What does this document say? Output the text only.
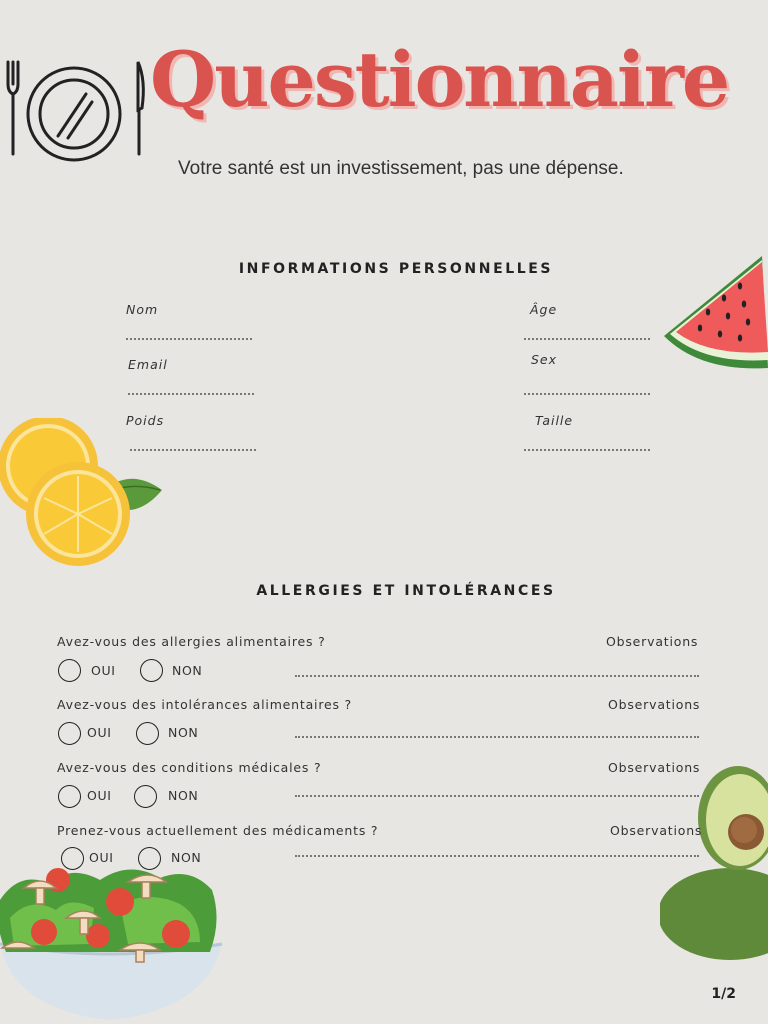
Questionnaire
Votre santé est un investissement, pas une dépense.
INFORMATIONS PERSONNELLES
Nom	Âge
Email	Sex
Poids	Taille
ALLERGIES ET INTOLÉRANCES
Avez-vous des allergies alimentaires ?	Observations
OUI	NON
Avez-vous des intolérances alimentaires ?	Observations
OUI	NON
Avez-vous des conditions médicales ?	Observations
OUI	NON
Prenez-vous actuellement des médicaments ?	Observations
OUI	NON
1/2
